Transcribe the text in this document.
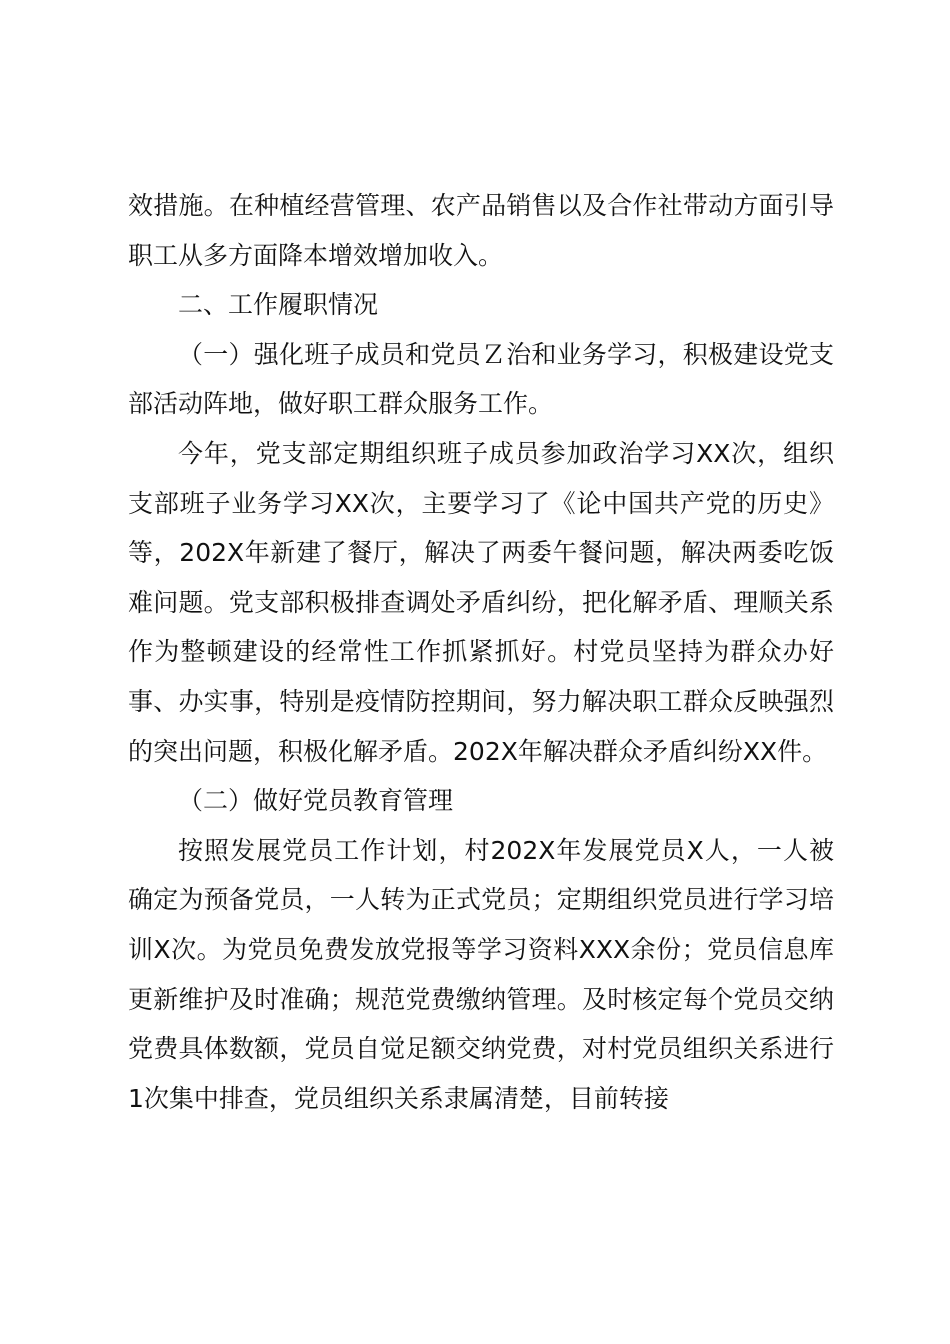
效措施。在种植经营管理、农产品销售以及合作社带动方面引导职工从多方面降本增效增加收入。

二、工作履职情况

（一）强化班子成员和党员Ｚ治和业务学习，积极建设党支部活动阵地，做好职工群众服务工作。

今年，党支部定期组织班子成员参加政治学习XX次，组织支部班子业务学习XX次，主要学习了《论中国共产党的历史》等，202X年新建了餐厅，解决了两委午餐问题，解决两委吃饭难问题。党支部积极排查调处矛盾纠纷，把化解矛盾、理顺关系作为整顿建设的经常性工作抓紧抓好。村党员坚持为群众办好事、办实事，特别是疫情防控期间，努力解决职工群众反映强烈的突出问题，积极化解矛盾。202X年解决群众矛盾纠纷XX件。

（二）做好党员教育管理

按照发展党员工作计划，村202X年发展党员X人，一人被确定为预备党员，一人转为正式党员；定期组织党员进行学习培训X次。为党员免费发放党报等学习资料XXX余份；党员信息库更新维护及时准确；规范党费缴纳管理。及时核定每个党员交纳党费具体数额，党员自觉足额交纳党费，对村党员组织关系进行1次集中排查，党员组织关系隶属清楚，目前转接
